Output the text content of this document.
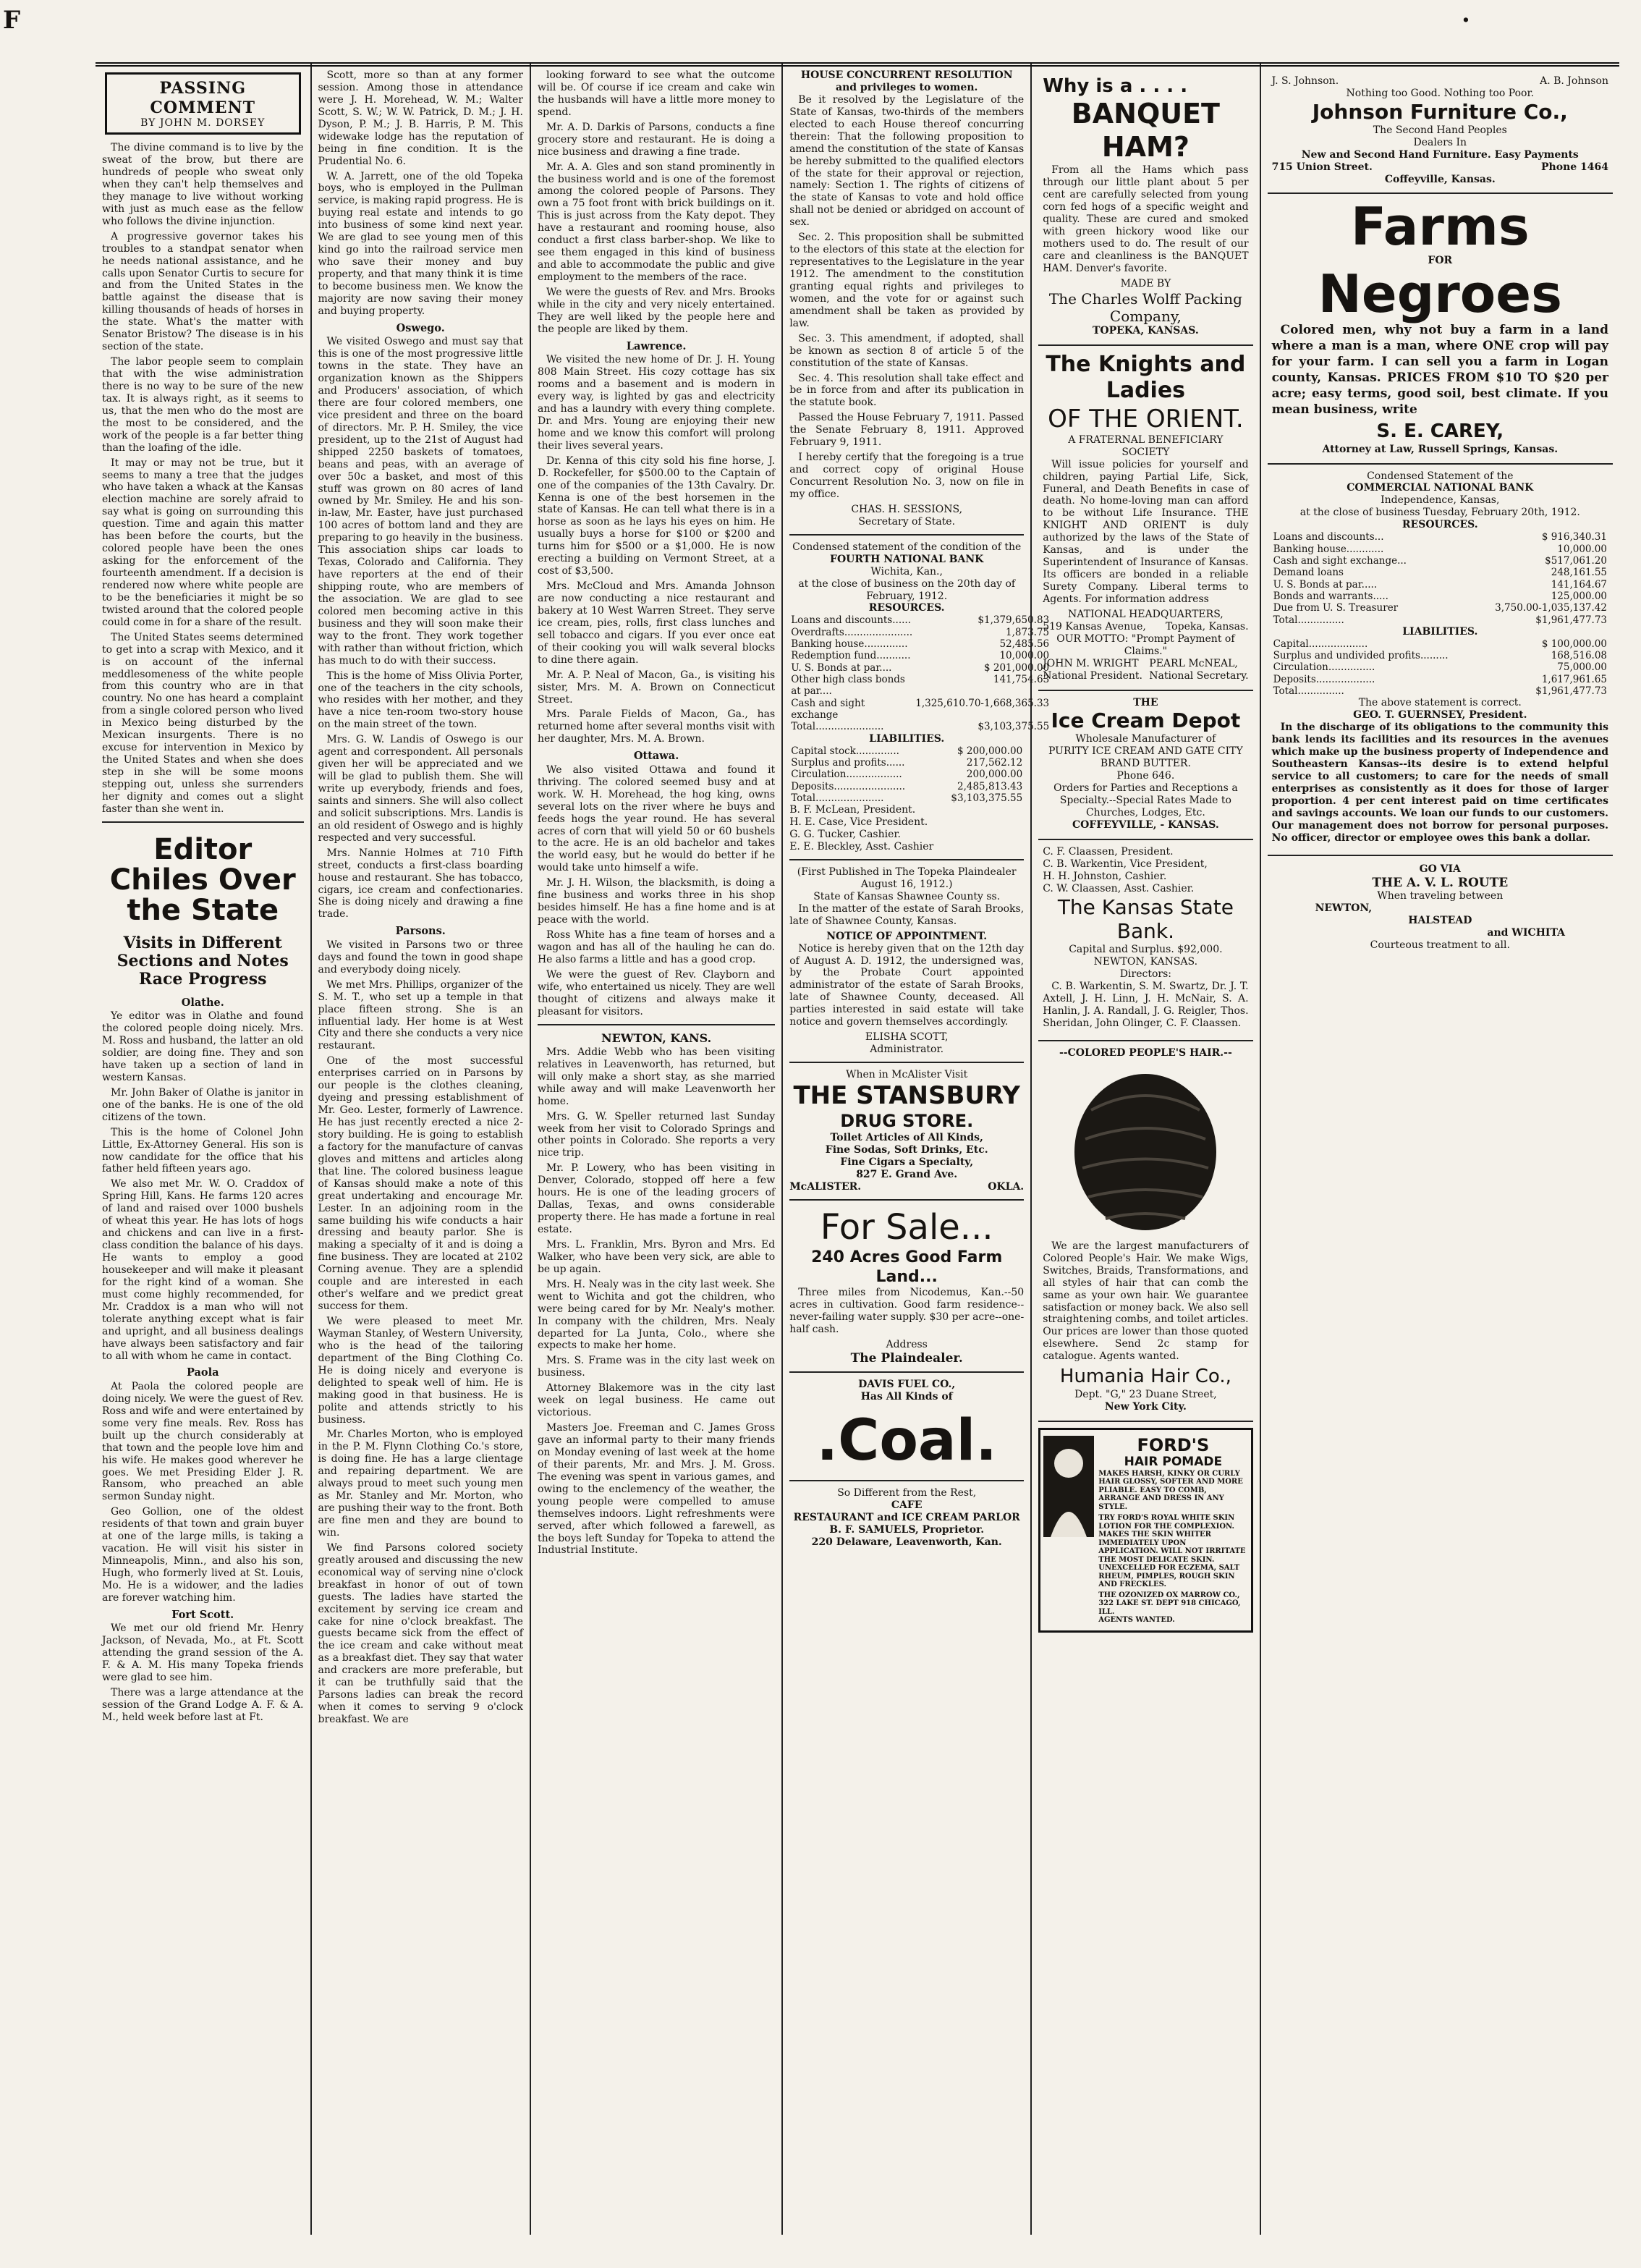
F	·
PASSING COMMENT
BY JOHN M. DORSEY

The divine command is to live by the sweat of the brow, but there are hundreds of people who sweat only when they can't help themselves and they manage to live without working with just as much ease as the fellow who follows the divine injunction.

A progressive governor takes his troubles to a standpat senator when he needs national assistance, and he calls upon Senator Curtis to secure for and from the United States in the battle against the disease that is killing thousands of heads of horses in the state. What's the matter with Senator Bristow? The disease is in his section of the state.

The labor people seem to complain that with the wise administration there is no way to be sure of the new tax. It is always right, as it seems to us, that the men who do the most are the most to be considered, and the work of the people is a far better thing than the loafing of the idle.

It may or may not be true, but it seems to many a tree that the judges who have taken a whack at the Kansas election machine are sorely afraid to say what is going on surrounding this question. Time and again this matter has been before the courts, but the colored people have been the ones asking for the enforcement of the fourteenth amendment. If a decision is rendered now where white people are to be the beneficiaries it might be so twisted around that the colored people could come in for a share of the result.

The United States seems determined to get into a scrap with Mexico, and it is on account of the infernal meddlesomeness of the white people from this country who are in that country. No one has heard a complaint from a single colored person who lived in Mexico being disturbed by the Mexican insurgents. There is no excuse for intervention in Mexico by the United States and when she does step in she will be some moons stepping out, unless she surrenders her dignity and comes out a slight faster than she went in.

Editor Chiles Over the State
Visits in Different Sections and Notes Race Progress
Olathe.

Ye editor was in Olathe and found the colored people doing nicely. Mrs. M. Ross and husband, the latter an old soldier, are doing fine. They and son have taken up a section of land in western Kansas.

Mr. John Baker of Olathe is janitor in one of the banks. He is one of the old citizens of the town.

This is the home of Colonel John Little, Ex-Attorney General. His son is now candidate for the office that his father held fifteen years ago.

We also met Mr. W. O. Craddox of Spring Hill, Kans. He farms 120 acres of land and raised over 1000 bushels of wheat this year. He has lots of hogs and chickens and can live in a first-class condition the balance of his days. He wants to employ a good housekeeper and will make it pleasant for the right kind of a woman. She must come highly recommended, for Mr. Craddox is a man who will not tolerate anything except what is fair and upright, and all business dealings have always been satisfactory and fair to all with whom he came in contact.

Paola

At Paola the colored people are doing nicely. We were the guest of Rev. Ross and wife and were entertained by some very fine meals. Rev. Ross has built up the church considerably at that town and the people love him and his wife. He makes good wherever he goes. We met Presiding Elder J. R. Ransom, who preached an able sermon Sunday night.

Geo Gollion, one of the oldest residents of that town and grain buyer at one of the large mills, is taking a vacation. He will visit his sister in Minneapolis, Minn., and also his son, Hugh, who formerly lived at St. Louis, Mo. He is a widower, and the ladies are forever watching him.

Fort Scott.

We met our old friend Mr. Henry Jackson, of Nevada, Mo., at Ft. Scott attending the grand session of the A. F. & A. M. His many Topeka friends were glad to see him.

There was a large attendance at the session of the Grand Lodge A. F. & A. M., held week before last at Ft.

Scott, more so than at any former session. Among those in attendance were J. H. Morehead, W. M.; Walter Scott, S. W.; W. W. Patrick, D. M.; J. H. Dyson, P. M.; J. B. Harris, P. M. This widewake lodge has the reputation of being in fine condition. It is the Prudential No. 6.

W. A. Jarrett, one of the old Topeka boys, who is employed in the Pullman service, is making rapid progress. He is buying real estate and intends to go into business of some kind next year. We are glad to see young men of this kind go into the railroad service men who save their money and buy property, and that many think it is time to become business men. We know the majority are now saving their money and buying property.

Oswego.

We visited Oswego and must say that this is one of the most progressive little towns in the state. They have an organization known as the Shippers and Producers' association, of which there are four colored members, one vice president and three on the board of directors. Mr. P. H. Smiley, the vice president, up to the 21st of August had shipped 2250 baskets of tomatoes, beans and peas, with an average of over 50c a basket, and most of this stuff was grown on 80 acres of land owned by Mr. Smiley. He and his son-in-law, Mr. Easter, have just purchased 100 acres of bottom land and they are preparing to go heavily in the business. This association ships car loads to Texas, Colorado and California. They have reporters at the end of their shipping route, who are members of the association. We are glad to see colored men becoming active in this business and they will soon make their way to the front. They work together with rather than without friction, which has much to do with their success.

This is the home of Miss Olivia Porter, one of the teachers in the city schools, who resides with her mother, and they have a nice ten-room two-story house on the main street of the town.

Mrs. G. W. Landis of Oswego is our agent and correspondent. All personals given her will be appreciated and we will be glad to publish them. She will write up everybody, friends and foes, saints and sinners. She will also collect and solicit subscriptions. Mrs. Landis is an old resident of Oswego and is highly respected and very successful.

Mrs. Nannie Holmes at 710 Fifth street, conducts a first-class boarding house and restaurant. She has tobacco, cigars, ice cream and confectionaries. She is doing nicely and drawing a fine trade.

Parsons.

We visited in Parsons two or three days and found the town in good shape and everybody doing nicely.

We met Mrs. Phillips, organizer of the S. M. T., who set up a temple in that place fifteen strong. She is an influential lady. Her home is at West City and there she conducts a very nice restaurant.

One of the most successful enterprises carried on in Parsons by our people is the clothes cleaning, dyeing and pressing establishment of Mr. Geo. Lester, formerly of Lawrence. He has just recently erected a nice 2-story building. He is going to establish a factory for the manufacture of canvas gloves and mittens and articles along that line. The colored business league of Kansas should make a note of this great undertaking and encourage Mr. Lester. In an adjoining room in the same building his wife conducts a hair dressing and beauty parlor. She is making a specialty of it and is doing a fine business. They are located at 2102 Corning avenue. They are a splendid couple and are interested in each other's welfare and we predict great success for them.

We were pleased to meet Mr. Wayman Stanley, of Western University, who is the head of the tailoring department of the Bing Clothing Co. He is doing nicely and everyone is delighted to speak well of him. He is making good in that business. He is polite and attends strictly to his business.

Mr. Charles Morton, who is employed in the P. M. Flynn Clothing Co.'s store, is doing fine. He has a large clientage and repairing department. We are always proud to meet such young men as Mr. Stanley and Mr. Morton, who are pushing their way to the front. Both are fine men and they are bound to win.

We find Parsons colored society greatly aroused and discussing the new economical way of serving nine o'clock breakfast in honor of out of town guests. The ladies have started the excitement by serving ice cream and cake for nine o'clock breakfast. The guests became sick from the effect of the ice cream and cake without meat as a breakfast diet. They say that water and crackers are more preferable, but it can be truthfully said that the Parsons ladies can break the record when it comes to serving 9 o'clock breakfast. We are

looking forward to see what the outcome will be. Of course if ice cream and cake win the husbands will have a little more money to spend.

Mr. A. D. Darkis of Parsons, conducts a fine grocery store and restaurant. He is doing a nice business and drawing a fine trade.

Mr. A. A. Gles and son stand prominently in the business world and is one of the foremost among the colored people of Parsons. They own a 75 foot front with brick buildings on it. This is just across from the Katy depot. They have a restaurant and rooming house, also conduct a first class barber-shop. We like to see them engaged in this kind of business and able to accommodate the public and give employment to the members of the race.

We were the guests of Rev. and Mrs. Brooks while in the city and very nicely entertained. They are well liked by the people here and the people are liked by them.

Lawrence.

We visited the new home of Dr. J. H. Young 808 Main Street. His cozy cottage has six rooms and a basement and is modern in every way, is lighted by gas and electricity and has a laundry with every thing complete. Dr. and Mrs. Young are enjoying their new home and we know this comfort will prolong their lives several years.

Dr. Kenna of this city sold his fine horse, J. D. Rockefeller, for $500.00 to the Captain of one of the companies of the 13th Cavalry. Dr. Kenna is one of the best horsemen in the state of Kansas. He can tell what there is in a horse as soon as he lays his eyes on him. He usually buys a horse for $100 or $200 and turns him for $500 or a $1,000. He is now erecting a building on Vermont Street, at a cost of $3,500.

Mrs. McCloud and Mrs. Amanda Johnson are now conducting a nice restaurant and bakery at 10 West Warren Street. They serve ice cream, pies, rolls, first class lunches and sell tobacco and cigars. If you ever once eat of their cooking you will walk several blocks to dine there again.

Mr. A. P. Neal of Macon, Ga., is visiting his sister, Mrs. M. A. Brown on Connecticut Street.

Mrs. Parale Fields of Macon, Ga., has returned home after several months visit with her daughter, Mrs. M. A. Brown.

Ottawa.

We also visited Ottawa and found it thriving. The colored seemed busy and at work. W. H. Morehead, the hog king, owns several lots on the river where he buys and feeds hogs the year round. He has several acres of corn that will yield 50 or 60 bushels to the acre. He is an old bachelor and takes the world easy, but he would do better if he would take unto himself a wife.

Mr. J. H. Wilson, the blacksmith, is doing a fine business and works three in his shop besides himself. He has a fine home and is at peace with the world.

Ross White has a fine team of horses and a wagon and has all of the hauling he can do. He also farms a little and has a good crop.

We were the guest of Rev. Clayborn and wife, who entertained us nicely. They are well thought of citizens and always make it pleasant for visitors.

NEWTON, KANS.

Mrs. Addie Webb who has been visiting relatives in Leavenworth, has returned, but will only make a short stay, as she married while away and will make Leavenworth her home.

Mrs. G. W. Speller returned last Sunday week from her visit to Colorado Springs and other points in Colorado. She reports a very nice trip.

Mr. P. Lowery, who has been visiting in Denver, Colorado, stopped off here a few hours. He is one of the leading grocers of Dallas, Texas, and owns considerable property there. He has made a fortune in real estate.

Mrs. L. Franklin, Mrs. Byron and Mrs. Ed Walker, who have been very sick, are able to be up again.

Mrs. H. Nealy was in the city last week. She went to Wichita and got the children, who were being cared for by Mr. Nealy's mother. In company with the children, Mrs. Nealy departed for La Junta, Colo., where she expects to make her home.

Mrs. S. Frame was in the city last week on business.

Attorney Blakemore was in the city last week on legal business. He came out victorious.

Masters Joe. Freeman and C. James Gross gave an informal party to their many friends on Monday evening of last week at the home of their parents, Mr. and Mrs. J. M. Gross. The evening was spent in various games, and owing to the enclemency of the weather, the young people were compelled to amuse themselves indoors. Light refreshments were served, after which followed a farewell, as the boys left Sunday for Topeka to attend the Industrial Institute.

HOUSE CONCURRENT RESOLUTION and privileges to women.

Be it resolved by the Legislature of the State of Kansas, two-thirds of the members elected to each House thereof concurring therein: That the following proposition to amend the constitution of the state of Kansas be hereby submitted to the qualified electors of the state for their approval or rejection, namely: Section 1. The rights of citizens of the state of Kansas to vote and hold office shall not be denied or abridged on account of sex.

Sec. 2. This proposition shall be submitted to the electors of this state at the election for representatives to the Legislature in the year 1912. The amendment to the constitution granting equal rights and privileges to women, and the vote for or against such amendment shall be taken as provided by law.

Sec. 3. This amendment, if adopted, shall be known as section 8 of article 5 of the constitution of the state of Kansas.

Sec. 4. This resolution shall take effect and be in force from and after its publication in the statute book.

Passed the House February 7, 1911. Passed the Senate February 8, 1911. Approved February 9, 1911.

I hereby certify that the foregoing is a true and correct copy of original House Concurrent Resolution No. 3, now on file in my office.

CHAS. H. SESSIONS,
Secretary of State.
Condensed statement of the condition of the
FOURTH NATIONAL BANK
Wichita, Kan.,
at the close of business on the 20th day of February, 1912.
RESOURCES.
Loans and discounts......	$1,379,650.83
Overdrafts......................	1,873.75
Banking house..............	52,485.56
Redemption fund...........	10,000.00
U. S. Bonds at par....	$ 201,000.00
Other high class bonds at par....	141,754.63
Cash and sight exchange	1,325,610.70-1,668,365.33
Total......................	$3,103,375.55
LIABILITIES.
Capital stock..............	$ 200,000.00
Surplus and profits......	217,562.12
Circulation..................	200,000.00
Deposits.......................	2,485,813.43
Total......................	$3,103,375.55
B. F. McLean, President.
H. E. Case, Vice President.
G. G. Tucker, Cashier.
E. E. Bleckley, Asst. Cashier
(First Published in The Topeka Plaindealer August 16, 1912.)
State of Kansas Shawnee County ss.

In the matter of the estate of Sarah Brooks, late of Shawnee County, Kansas.

NOTICE OF APPOINTMENT.

Notice is hereby given that on the 12th day of August A. D. 1912, the undersigned was, by the Probate Court appointed administrator of the estate of Sarah Brooks, late of Shawnee County, deceased. All parties interested in said estate will take notice and govern themselves accordingly.

ELISHA SCOTT,
Administrator.
When in McAlister Visit
THE STANSBURY
DRUG STORE.
Toilet Articles of All Kinds,
Fine Sodas, Soft Drinks, Etc.
Fine Cigars a Specialty,
827 E. Grand Ave.
McALISTER.	OKLA.
For Sale...
240 Acres Good Farm Land...

Three miles from Nicodemus, Kan.--50 acres in cultivation. Good farm residence--never-failing water supply. $30 per acre--one-half cash.

Address
The Plaindealer.
DAVIS FUEL CO.,
Has All Kinds of
.Coal.
So Different from the Rest,
CAFE
RESTAURANT and ICE CREAM PARLOR
B. F. SAMUELS, Proprietor.
220 Delaware, Leavenworth, Kan.
Why is a . . . .
BANQUET HAM?

From all the Hams which pass through our little plant about 5 per cent are carefully selected from young corn fed hogs of a specific weight and quality. These are cured and smoked with green hickory wood like our mothers used to do. The result of our care and cleanliness is the BANQUET HAM. Denver's favorite.

MADE BY
The Charles Wolff Packing Company,
TOPEKA, KANSAS.
The Knights and Ladies
OF THE ORIENT.
A FRATERNAL BENEFICIARY SOCIETY

Will issue policies for yourself and children, paying Partial Life, Sick, Funeral, and Death Benefits in case of death. No home-loving man can afford to be without Life Insurance. THE KNIGHT AND ORIENT is duly authorized by the laws of the State of Kansas, and is under the Superintendent of Insurance of Kansas. Its officers are bonded in a reliable Surety Company. Liberal terms to Agents. For information address

NATIONAL HEADQUARTERS,
519 Kansas Avenue, Topeka, Kansas.
OUR MOTTO: "Prompt Payment of Claims."
JOHN M. WRIGHT
National President.
PEARL McNEAL,
National Secretary.
THE
Ice Cream Depot
Wholesale Manufacturer of
PURITY ICE CREAM AND GATE CITY BRAND BUTTER.
Phone 646.
Orders for Parties and Receptions a Specialty.--Special Rates Made to Churches, Lodges, Etc.
COFFEYVILLE, - KANSAS.
C. F. Claassen, President.
C. B. Warkentin, Vice President,
H. H. Johnston, Cashier.
C. W. Claassen, Asst. Cashier.
The Kansas State Bank.
Capital and Surplus. $92,000.
NEWTON, KANSAS.
Directors:

C. B. Warkentin, S. M. Swartz, Dr. J. T. Axtell, J. H. Linn, J. H. McNair, S. A. Hanlin, J. A. Randall, J. G. Reigler, Thos. Sheridan, John Olinger, C. F. Claassen.

--COLORED PEOPLE'S HAIR.--

We are the largest manufacturers of Colored People's Hair. We make Wigs, Switches, Braids, Transformations, and all styles of hair that can comb the same as your own hair. We guarantee satisfaction or money back. We also sell straightening combs, and toilet articles. Our prices are lower than those quoted elsewhere. Send 2c stamp for catalogue. Agents wanted.

Humania Hair Co.,
Dept. "G," 23 Duane Street,
New York City.
FORD'S
HAIR POMADE
MAKES HARSH, KINKY OR CURLY HAIR GLOSSY, SOFTER AND MORE PLIABLE. EASY TO COMB, ARRANGE AND DRESS IN ANY STYLE.
TRY FORD'S ROYAL WHITE SKIN LOTION FOR THE COMPLEXION. MAKES THE SKIN WHITER IMMEDIATELY UPON APPLICATION. WILL NOT IRRITATE THE MOST DELICATE SKIN. UNEXCELLED FOR ECZEMA, SALT RHEUM, PIMPLES, ROUGH SKIN AND FRECKLES.
THE OZONIZED OX MARROW CO.,
322 LAKE ST. DEPT 918 CHICAGO, ILL.
AGENTS WANTED.
J. S. Johnson.	A. B. Johnson
Nothing too Good. Nothing too Poor.
Johnson Furniture Co.,
The Second Hand Peoples
Dealers In
New and Second Hand Furniture. Easy Payments
715 Union Street.	Phone 1464
Coffeyville, Kansas.
Farms
FOR
Negroes

Colored men, why not buy a farm in a land where a man is a man, where ONE crop will pay for your farm. I can sell you a farm in Logan county, Kansas. PRICES FROM $10 TO $20 per acre; easy terms, good soil, best climate. If you mean business, write

S. E. CAREY,
Attorney at Law, Russell Springs, Kansas.
Condensed Statement of the
COMMERCIAL NATIONAL BANK
Independence, Kansas,
at the close of business Tuesday, February 20th, 1912.
RESOURCES.
Loans and discounts...	$ 916,340.31
Banking house............	10,000.00
Cash and sight exchange...	$517,061.20
Demand loans	248,161.55
U. S. Bonds at par.....	141,164.67
Bonds and warrants.....	125,000.00
Due from U. S. Treasurer	3,750.00-1,035,137.42
Total...............	$1,961,477.73
LIABILITIES.
Capital...................	$ 100,000.00
Surplus and undivided profits.........	168,516.08
Circulation...............	75,000.00
Deposits...................	1,617,961.65
Total...............	$1,961,477.73
The above statement is correct.
GEO. T. GUERNSEY, President.

In the discharge of its obligations to the community this bank lends its facilities and its resources in the avenues which make up the business property of Independence and Southeastern Kansas--its desire is to extend helpful service to all customers; to care for the needs of small enterprises as consistently as it does for those of larger proportion. 4 per cent interest paid on time certificates and savings accounts. We loan our funds to our customers. Our management does not borrow for personal purposes. No officer, director or employee owes this bank a dollar.

GO VIA
THE A. V. L. ROUTE
When traveling between
NEWTON,
HALSTEAD
and WICHITA
Courteous treatment to all.
